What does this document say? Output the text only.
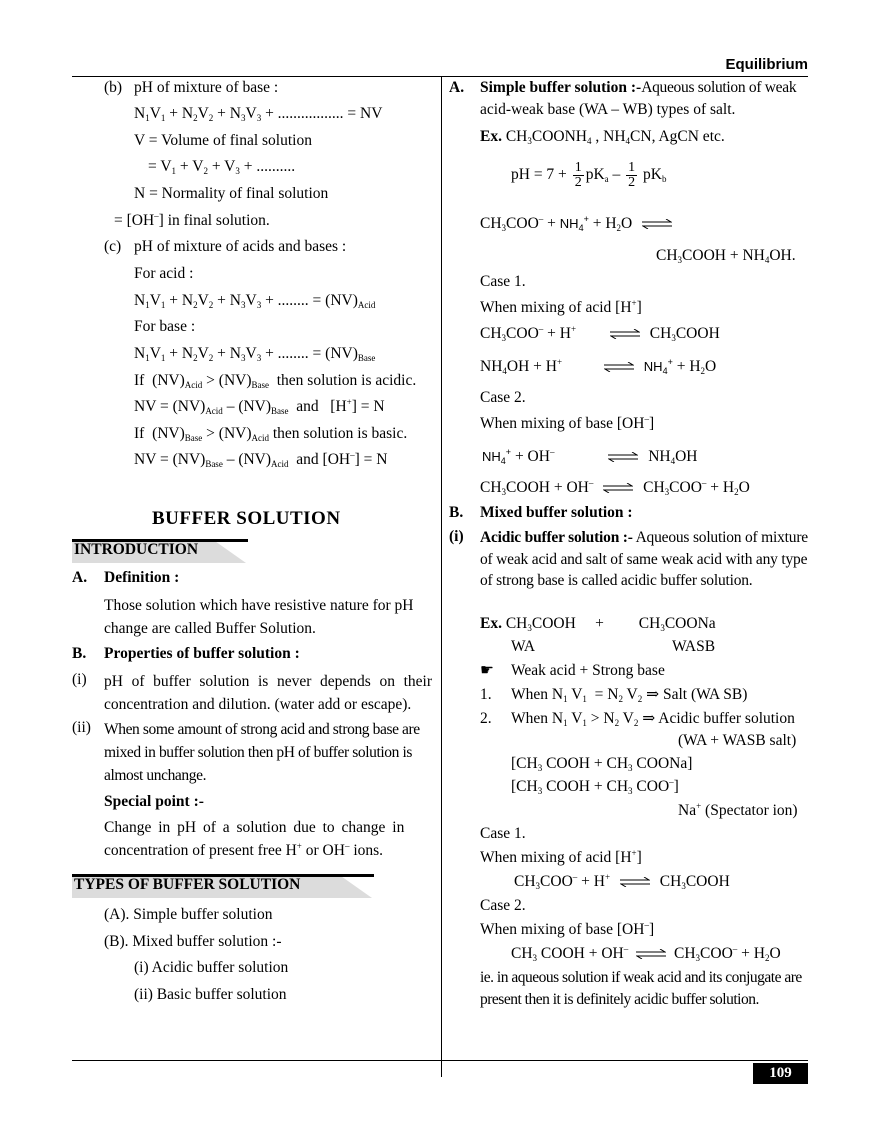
Equilibrium
(b) pH of mixture of base :
$N_1V_1 + N_2V_2 + N_3V_3$ + ................. = NV
V = Volume of final solution
= $V_1 + V_2 + V_3$ + ..........
N = Normality of final solution
= [OH–] in final solution.
(c) pH of mixture of acids and bases :
For acid :
$N_1V_1 + N_2V_2 + N_3V_3$ + ........ = $(NV)_{Acid}$
For base :
$N_1V_1 + N_2V_2 + N_3V_3$ + ........ = $(NV)_{Base}$
If  $(NV)_{Acid} > (NV)_{Base}$ then solution is acidic.
NV = $(NV)_{Acid} - (NV)_{Base}$ and   [H+] = N
If  $(NV)_{Base} > (NV)_{Acid}$ then solution is basic.
NV = $(NV)_{Base} - (NV)_{Acid}$ and [OH–] = N
BUFFER SOLUTION
INTRODUCTION
A. Definition :
Those solution which have resistive nature for pH change are called Buffer Solution.
B. Properties of buffer solution :
(i) pH of buffer solution is never depends on their concentration and dilution. (water add or escape).
(ii) When some amount of strong acid and strong base are mixed in buffer solution then pH of buffer solution is almost unchange.
Special point :-
Change in pH of a solution due to change in
concentration of present free H+ or OH– ions.
TYPES OF BUFFER SOLUTION
(A). Simple buffer solution
(B). Mixed buffer solution :-
(i) Acidic buffer solution
(ii) Basic buffer solution
A. Simple buffer solution :-Aqueous solution of weak
acid-weak base (WA – WB) types of salt.
Ex. $CH_3COONH_4$ , $NH_4CN$, AgCN etc.
pH = $7 + \frac{1}{2} pK_a - \frac{1}{2} pK_b$
$CH_3COO^- + NH_4^+ + H_2O$ ⇌
$CH_3COOH + NH_4OH$.
Case 1.
When mixing of acid [H+]
$CH_3COO^- + H^+$ ⇌ $CH_3COOH$
$NH_4OH + H^+$ ⇌ $NH_4^+ + H_2O$
Case 2.
When mixing of base [OH–]
$NH_4^+ + OH^-$ ⇌ $NH_4OH$
$CH_3COOH + OH^-$ ⇌ $CH_3COO^- + H_2O$
B. Mixed buffer solution :
(i) Acidic buffer solution :- Aqueous solution of mixture of weak acid and salt of same weak acid with any type of strong base is called acidic buffer solution.
Ex. $CH_3COOH$     +         $CH_3COONa$
WA	WASB
☛ Weak acid + Strong base
1. When $N_1$ $V_1 = N_2$ $V_2$ ⇒ Salt (WA SB)
2. When $N_1$ $V_1 > N_2$ $V_2$ ⇒ Acidic buffer solution
(WA + WASB salt)
[$CH_3$ COOH + $CH_3$ COONa]
[$CH_3$ COOH + $CH_3$ COO–]
Na+ (Spectator ion)
Case 1.
When mixing of acid [H+]
$CH_3COO^- + H^+$ ⇌ $CH_3COOH$
Case 2.
When mixing of base [OH–]
$CH_3$ COOH + OH– ⇌ $CH_3COO^- + H_2O$
ie. in aqueous solution if weak acid and its conjugate are present then it is definitely acidic buffer solution.
109
